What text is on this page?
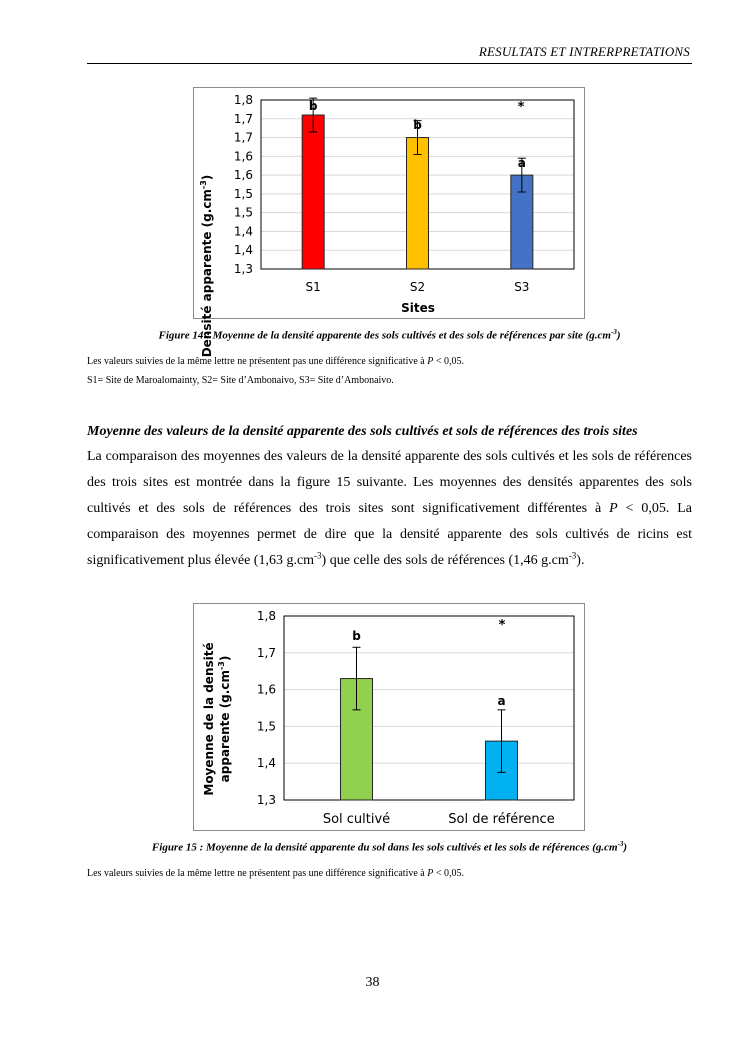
RESULTATS ET INTRERPRETATIONS
1,3
1,4
1,4
1,5
1,5
1,6
1,6
1,7
1,7
1,8	b
S1
b
S2
a
S3
*
Densité apparente $(g.cm^{-3})$
Sites
Figure 14 : Moyenne de la densité apparente des sols cultivés et des sols de références par site $(g.cm^{-3})$
Les valeurs suivies de la même lettre ne présentent pas une différence significative à P < 0,05.
S1= Site de Maroalomainty, S2= Site d’Ambonaivo, S3= Site d’Ambonaivo.
Moyenne des valeurs de la densité apparente des sols cultivés et sols de références des trois sites
La comparaison des moyennes des valeurs de la densité apparente des sols cultivés et les sols de références des trois sites est montrée dans la figure 15 suivante. Les moyennes des densités apparentes des sols cultivés et des sols de références des trois sites sont significativement différentes à P < 0,05. La comparaison des moyennes permet de dire que la densité apparente des sols cultivés de ricins est significativement plus élevée (1,63 $g.cm^{-3}$) que celle des sols de références (1,46 $g.cm^{-3}$).
1,3
1,4
1,5
1,6
1,7
1,8
b
Sol cultivé
a
Sol de référence
*
Moyenne de la densité apparente $(g.cm^{-3})$
Figure 15 : Moyenne de la densité apparente du sol dans les sols cultivés et les sols de références $(g.cm^{-3})$
Les valeurs suivies de la même lettre ne présentent pas une différence significative à P < 0,05.
38
